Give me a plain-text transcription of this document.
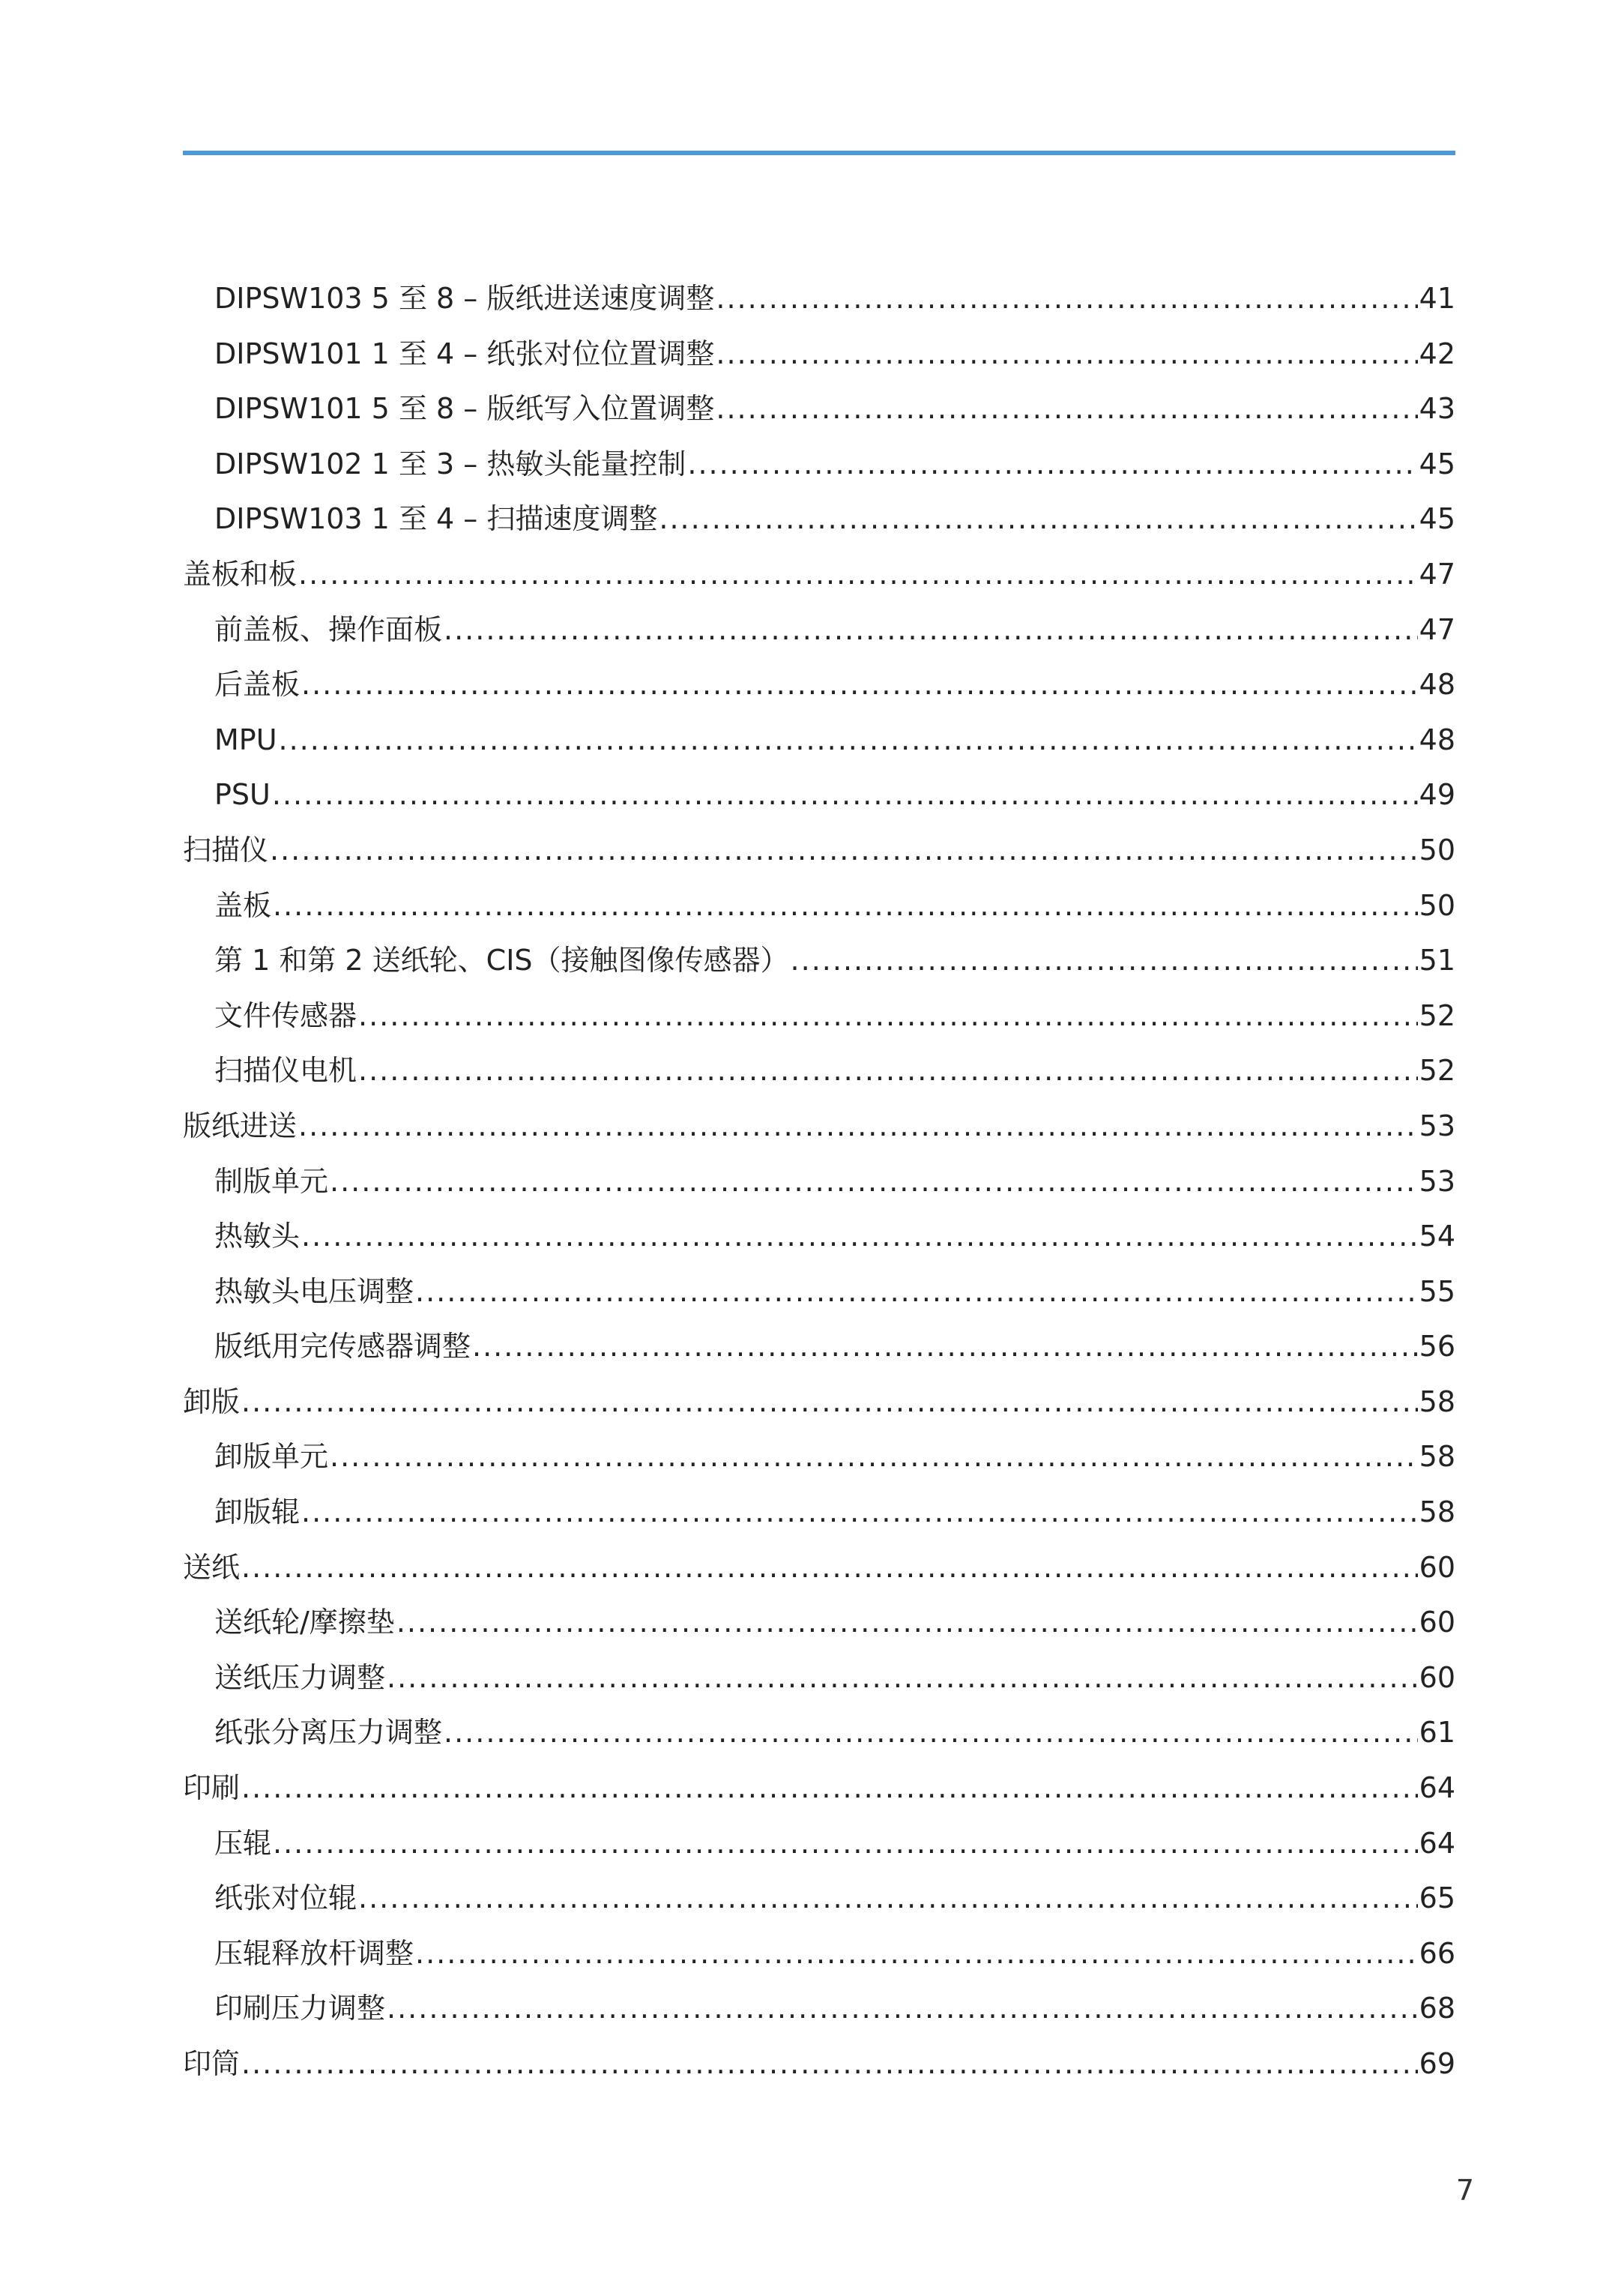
DIPSW103 5 至 8 – 版纸进送速度调整 .....	41
DIPSW101 1 至 4 – 纸张对位位置调整 .....	42
DIPSW101 5 至 8 – 版纸写入位置调整 .....	43
DIPSW102 1 至 3 – 热敏头能量控制 .....	45
DIPSW103 1 至 4 – 扫描速度调整 .....	45
盖板和板 .....	47
前盖板、操作面板 .....	47
后盖板 .....	48
MPU .....	48
PSU .....	49
扫描仪 .....	50
盖板 .....	50
第 1 和第 2 送纸轮、CIS（接触图像传感器） .....	51
文件传感器 .....	52
扫描仪电机 .....	52
版纸进送 .....	53
制版单元 .....	53
热敏头 .....	54
热敏头电压调整 .....	55
版纸用完传感器调整 .....	56
卸版 .....	58
卸版单元 .....	58
卸版辊 .....	58
送纸 .....	60
送纸轮/摩擦垫 .....	60
送纸压力调整 .....	60
纸张分离压力调整 .....	61
印刷 .....	64
压辊 .....	64
纸张对位辊 .....	65
压辊释放杆调整 .....	66
印刷压力调整 .....	68
印筒 .....	69
7
